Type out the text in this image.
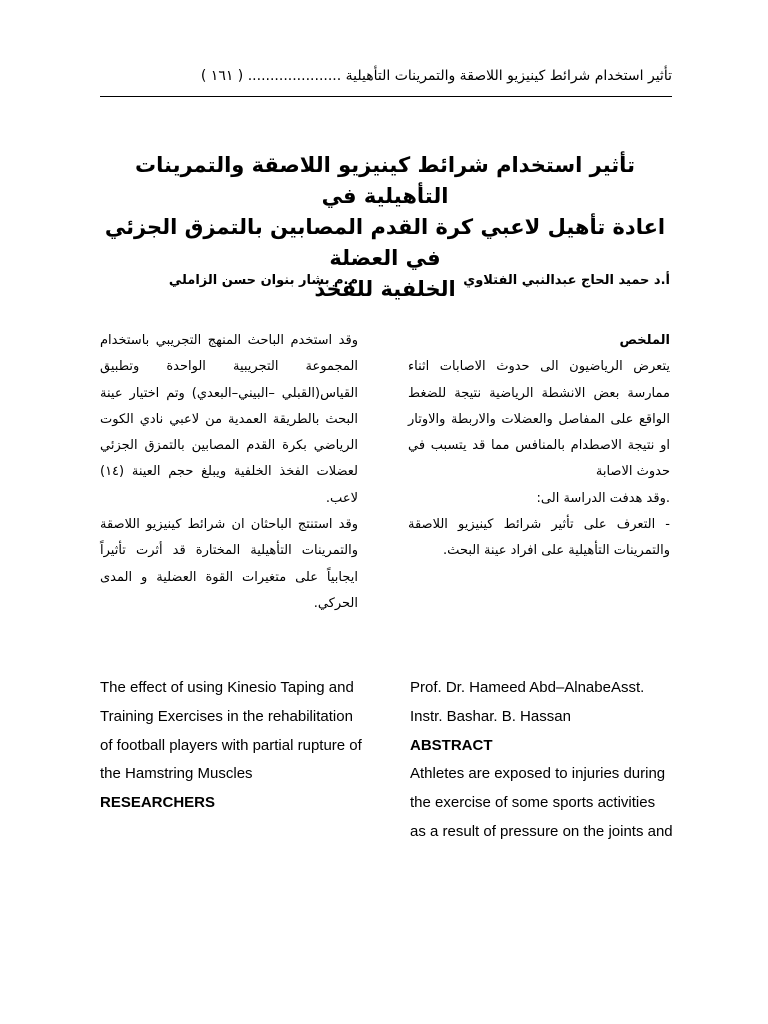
تأثير استخدام شرائط كينيزيو اللاصقة والتمرينات التأهيلية ..................... ( ١٦١ )
تأثير استخدام شرائط كينيزيو اللاصقة والتمرينات التأهيلية في
اعادة تأهيل لاعبي كرة القدم المصابين بالتمزق الجزئي في العضلة
الخلفية للفخذ أ.د حميد الحاج عبدالنبي الفتلاوي
م.م بشار بنوان حسن الزاملي

الملخص

يتعرض الرياضيون الى حدوث الاصابات اثناء ممارسة بعض الانشطة الرياضية نتيجة للضغط الواقع على المفاصل والعضلات والاربطة والاوتار او نتيجة الاصطدام بالمنافس مما قد يتسبب في حدوث الاصابة

.وقد هدفت الدراسة الى:

- التعرف على تأثير شرائط كينيزيو اللاصقة والتمرينات التأهيلية على افراد عينة البحث.

وقد استخدم الباحث المنهج التجريبي باستخدام المجموعة التجريبية الواحدة وتطبيق القياس(القبلي –البيني–البعدي) وتم اختيار عينة البحث بالطريقة العمدية من لاعبي نادي الكوت الرياضي بكرة القدم المصابين بالتمزق الجزئي لعضلات الفخذ الخلفية ويبلغ حجم العينة (١٤) لاعب.

وقد استنتج الباحثان ان شرائط كينيزيو اللاصقة والتمرينات التأهيلية المختارة قد أثرت تأثيراً ايجابياً على متغيرات القوة العضلية و المدى الحركي.

The effect of using Kinesio Taping and Training Exercises in the rehabilitation of football players with partial rupture of the Hamstring Muscles

RESEARCHERS

Prof. Dr. Hameed Abd–AlnabeAsst. Instr. Bashar. B. Hassan

ABSTRACT

Athletes are exposed to injuries during the exercise of some sports activities as a result of pressure on the joints and
